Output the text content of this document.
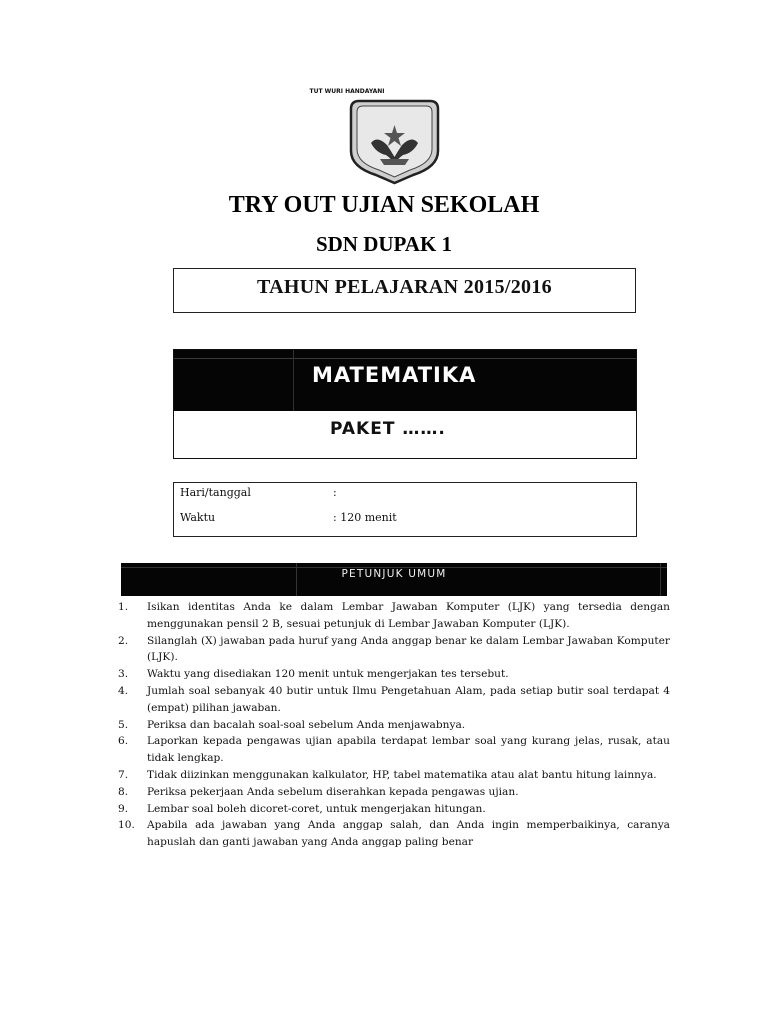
TUT WURI HANDAYANI
TRY OUT UJIAN SEKOLAH
SDN DUPAK 1
TAHUN PELAJARAN 2015/2016
MATEMATIKA
PAKET …….
Hari/tanggal	:
Waktu	: 120 menit
PETUNJUK UMUM
1. Isikan identitas Anda ke dalam Lembar Jawaban Komputer (LJK) yang tersedia dengan menggunakan pensil 2 B, sesuai petunjuk di Lembar Jawaban Komputer (LJK).
2. Silanglah (X) jawaban pada huruf yang Anda anggap benar ke dalam Lembar Jawaban Komputer (LJK).
3. Waktu yang disediakan 120 menit untuk mengerjakan tes tersebut.
4. Jumlah soal sebanyak 40 butir untuk Ilmu Pengetahuan Alam, pada setiap butir soal terdapat 4 (empat) pilihan jawaban.
5. Periksa dan bacalah soal-soal sebelum Anda menjawabnya.
6. Laporkan kepada pengawas ujian apabila terdapat lembar soal yang kurang jelas, rusak, atau tidak lengkap.
7. Tidak diizinkan menggunakan kalkulator, HP, tabel matematika atau alat bantu hitung lainnya.
8. Periksa pekerjaan Anda sebelum diserahkan kepada pengawas ujian.
9. Lembar soal boleh dicoret-coret, untuk mengerjakan hitungan.
10. Apabila ada jawaban yang Anda anggap salah, dan Anda ingin memperbaikinya, caranya hapuslah dan ganti jawaban yang Anda anggap paling benar
